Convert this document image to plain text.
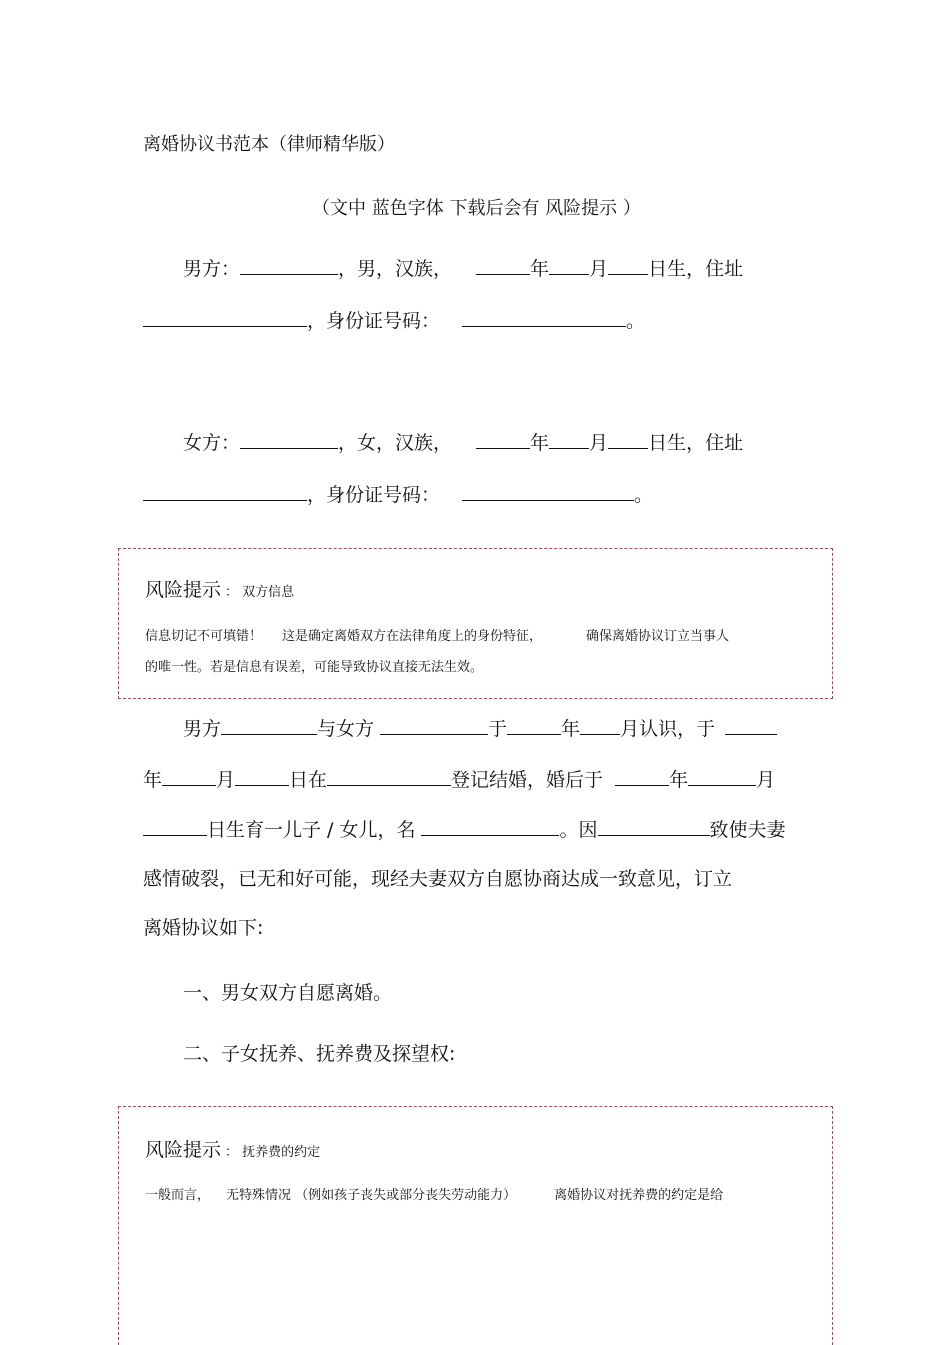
离婚协议书范本（律师精华版）
（文中 蓝色字体 下载后会有 风险提示 ）
男方：	，男，汉族，	年 月 日生，住址
，身份证号码：	。
女方：	，女，汉族，	年 月 日生，住址
，身份证号码：	。
风险提示 ： 双方信息
信息切记不可填错！ 这是确定离婚双方在法律角度上的身份特征，	确保离婚协议订立当事人
的唯一性。若是信息有误差，可能导致协议直接无法生效。
男方	与女方	于	年 月认识，于
年	月	日在	登记结婚，婚后于	年	月
日生育一儿子 / 女儿，名	。因	致使夫妻
感情破裂，已无和好可能，现经夫妻双方自愿协商达成一致意见，订立
离婚协议如下:
一、男女双方自愿离婚。
二、子女抚养、抚养费及探望权:
风险提示 ： 抚养费的约定
一般而言， 无特殊情况 （例如孩子丧失或部分丧失劳动能力）	离婚协议对抚养费的约定是给
